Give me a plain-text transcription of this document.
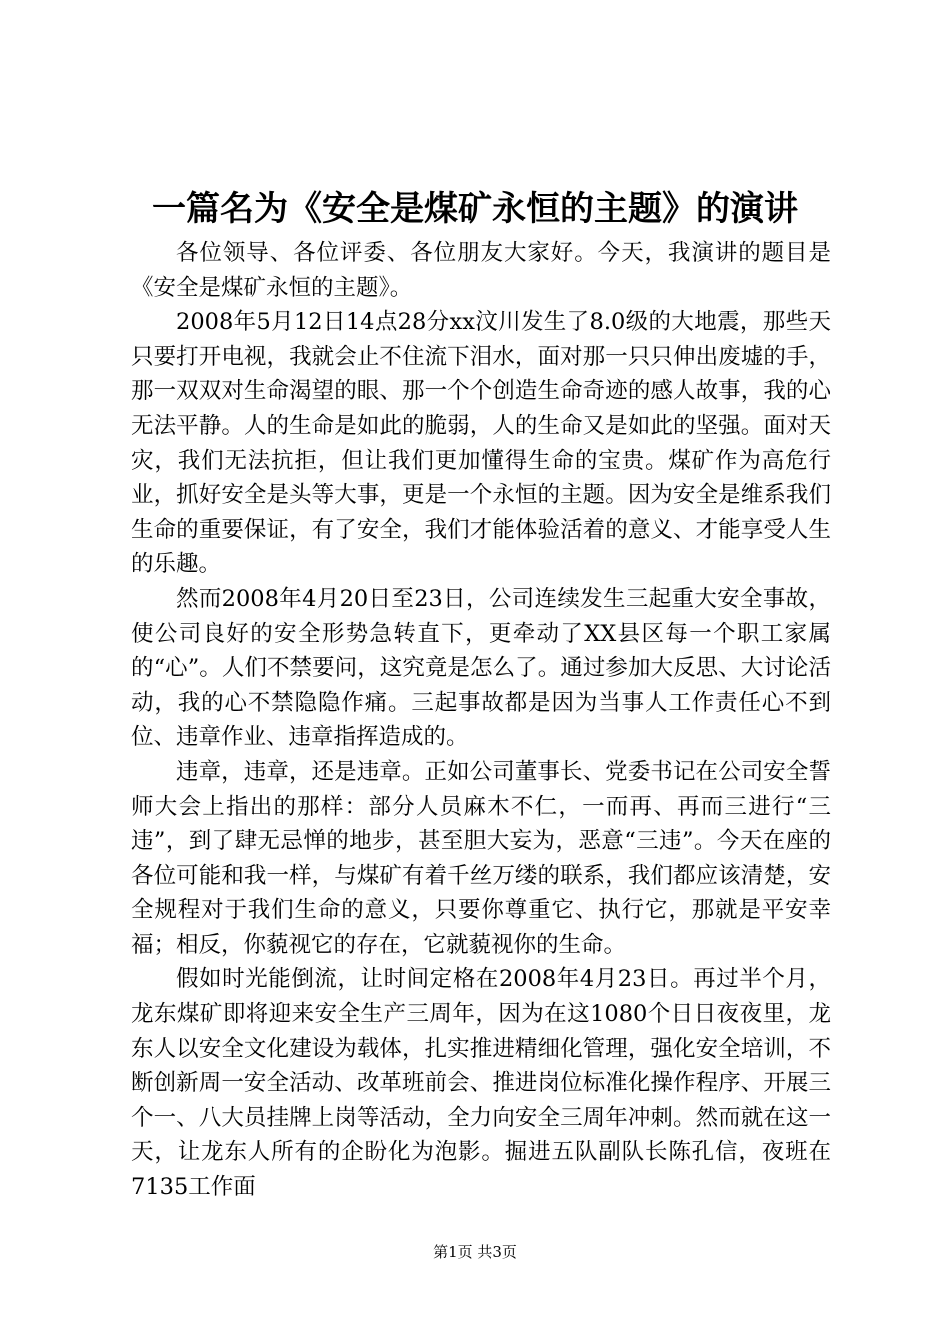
一篇名为《安全是煤矿永恒的主题》的演讲

各位领导、各位评委、各位朋友大家好。今天，我演讲的题目是《安全是煤矿永恒的主题》。

2008年5月12日14点28分xx汶川发生了8.0级的大地震，那些天只要打开电视，我就会止不住流下泪水，面对那一只只伸出废墟的手，那一双双对生命渴望的眼、那一个个创造生命奇迹的感人故事，我的心无法平静。人的生命是如此的脆弱，人的生命又是如此的坚强。面对天灾，我们无法抗拒，但让我们更加懂得生命的宝贵。煤矿作为高危行业，抓好安全是头等大事，更是一个永恒的主题。因为安全是维系我们生命的重要保证，有了安全，我们才能体验活着的意义、才能享受人生的乐趣。

然而2008年4月20日至23日，公司连续发生三起重大安全事故，使公司良好的安全形势急转直下，更牵动了XX县区每一个职工家属的“心”。人们不禁要问，这究竟是怎么了。通过参加大反思、大讨论活动，我的心不禁隐隐作痛。三起事故都是因为当事人工作责任心不到位、违章作业、违章指挥造成的。

违章，违章，还是违章。正如公司董事长、党委书记在公司安全誓师大会上指出的那样：部分人员麻木不仁，一而再、再而三进行“三违”，到了肆无忌惮的地步，甚至胆大妄为，恶意“三违”。今天在座的各位可能和我一样，与煤矿有着千丝万缕的联系，我们都应该清楚，安全规程对于我们生命的意义，只要你尊重它、执行它，那就是平安幸福；相反，你藐视它的存在，它就藐视你的生命。

假如时光能倒流，让时间定格在2008年4月23日。再过半个月，龙东煤矿即将迎来安全生产三周年，因为在这1080个日日夜夜里，龙东人以安全文化建设为载体，扎实推进精细化管理，强化安全培训，不断创新周一安全活动、改革班前会、推进岗位标准化操作程序、开展三个一、八大员挂牌上岗等活动，全力向安全三周年冲刺。然而就在这一天，让龙东人所有的企盼化为泡影。掘进五队副队长陈孔信，夜班在7135工作面

第1页 共3页
